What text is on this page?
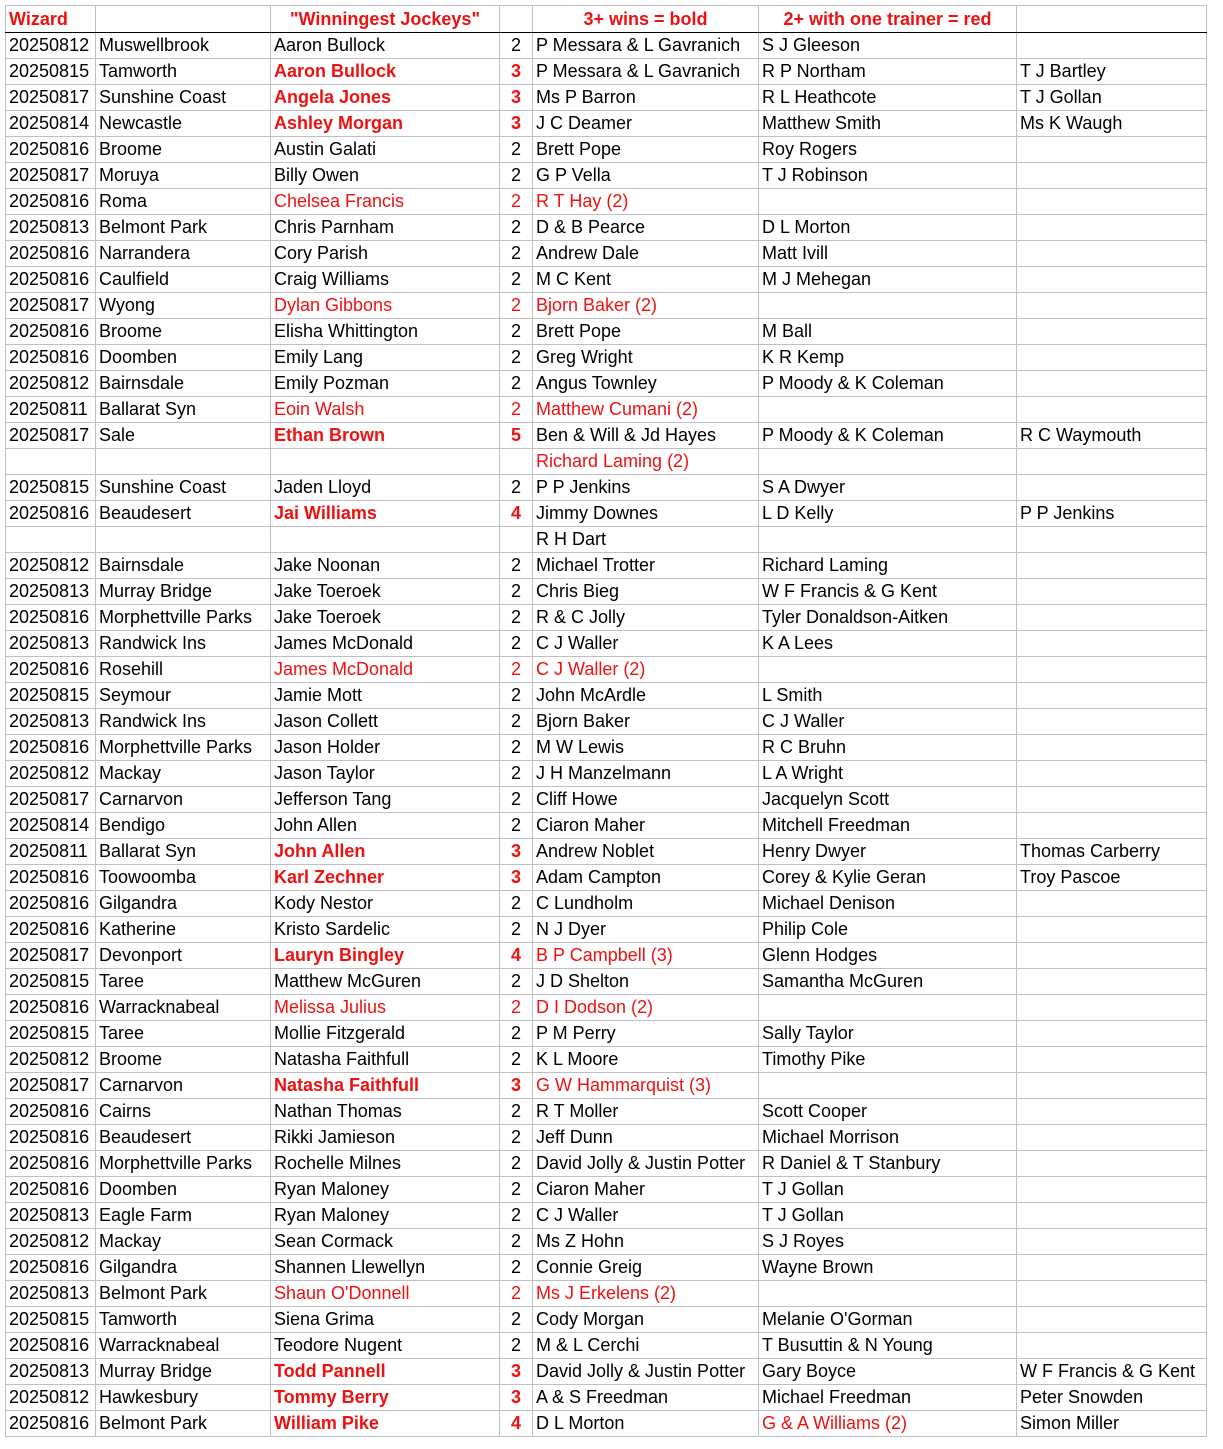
Wizard		"Winningest Jockeys"		3+ wins = bold	2+ with one trainer = red	
20250812	Muswellbrook	Aaron Bullock	2	P Messara & L Gavranich	S J Gleeson	
20250815	Tamworth	Aaron Bullock	3	P Messara & L Gavranich	R P Northam	T J Bartley
20250817	Sunshine Coast	Angela Jones	3	Ms P Barron	R L Heathcote	T J Gollan
20250814	Newcastle	Ashley Morgan	3	J C Deamer	Matthew Smith	Ms K Waugh
20250816	Broome	Austin Galati	2	Brett Pope	Roy Rogers	
20250817	Moruya	Billy Owen	2	G P Vella	T J Robinson	
20250816	Roma	Chelsea Francis	2	R T Hay (2)		
20250813	Belmont Park	Chris Parnham	2	D & B Pearce	D L Morton	
20250816	Narrandera	Cory Parish	2	Andrew Dale	Matt Ivill	
20250816	Caulfield	Craig Williams	2	M C Kent	M J Mehegan	
20250817	Wyong	Dylan Gibbons	2	Bjorn Baker (2)		
20250816	Broome	Elisha Whittington	2	Brett Pope	M Ball	
20250816	Doomben	Emily Lang	2	Greg Wright	K R Kemp	
20250812	Bairnsdale	Emily Pozman	2	Angus Townley	P Moody & K Coleman	
20250811	Ballarat Syn	Eoin Walsh	2	Matthew Cumani (2)		
20250817	Sale	Ethan Brown	5	Ben & Will & Jd Hayes	P Moody & K Coleman	R C Waymouth
				Richard Laming (2)		
20250815	Sunshine Coast	Jaden Lloyd	2	P P Jenkins	S A Dwyer	
20250816	Beaudesert	Jai Williams	4	Jimmy Downes	L D Kelly	P P Jenkins
				R H Dart		
20250812	Bairnsdale	Jake Noonan	2	Michael Trotter	Richard Laming	
20250813	Murray Bridge	Jake Toeroek	2	Chris Bieg	W F Francis & G Kent	
20250816	Morphettville Parks	Jake Toeroek	2	R & C Jolly	Tyler Donaldson-Aitken	
20250813	Randwick Ins	James McDonald	2	C J Waller	K A Lees	
20250816	Rosehill	James McDonald	2	C J Waller (2)		
20250815	Seymour	Jamie Mott	2	John McArdle	L Smith	
20250813	Randwick Ins	Jason Collett	2	Bjorn Baker	C J Waller	
20250816	Morphettville Parks	Jason Holder	2	M W Lewis	R C Bruhn	
20250812	Mackay	Jason Taylor	2	J H Manzelmann	L A Wright	
20250817	Carnarvon	Jefferson Tang	2	Cliff Howe	Jacquelyn Scott	
20250814	Bendigo	John Allen	2	Ciaron Maher	Mitchell Freedman	
20250811	Ballarat Syn	John Allen	3	Andrew Noblet	Henry Dwyer	Thomas Carberry
20250816	Toowoomba	Karl Zechner	3	Adam Campton	Corey & Kylie Geran	Troy Pascoe
20250816	Gilgandra	Kody Nestor	2	C Lundholm	Michael Denison	
20250816	Katherine	Kristo Sardelic	2	N J Dyer	Philip Cole	
20250817	Devonport	Lauryn Bingley	4	B P Campbell (3)	Glenn Hodges	
20250815	Taree	Matthew McGuren	2	J D Shelton	Samantha McGuren	
20250816	Warracknabeal	Melissa Julius	2	D I Dodson (2)		
20250815	Taree	Mollie Fitzgerald	2	P M Perry	Sally Taylor	
20250812	Broome	Natasha Faithfull	2	K L Moore	Timothy Pike	
20250817	Carnarvon	Natasha Faithfull	3	G W Hammarquist (3)		
20250816	Cairns	Nathan Thomas	2	R T Moller	Scott Cooper	
20250816	Beaudesert	Rikki Jamieson	2	Jeff Dunn	Michael Morrison	
20250816	Morphettville Parks	Rochelle Milnes	2	David Jolly & Justin Potter	R Daniel & T Stanbury	
20250816	Doomben	Ryan Maloney	2	Ciaron Maher	T J Gollan	
20250813	Eagle Farm	Ryan Maloney	2	C J Waller	T J Gollan	
20250812	Mackay	Sean Cormack	2	Ms Z Hohn	S J Royes	
20250816	Gilgandra	Shannen Llewellyn	2	Connie Greig	Wayne Brown	
20250813	Belmont Park	Shaun O'Donnell	2	Ms J Erkelens (2)		
20250815	Tamworth	Siena Grima	2	Cody Morgan	Melanie O'Gorman	
20250816	Warracknabeal	Teodore Nugent	2	M & L Cerchi	T Busuttin & N Young	
20250813	Murray Bridge	Todd Pannell	3	David Jolly & Justin Potter	Gary Boyce	W F Francis & G Kent
20250812	Hawkesbury	Tommy Berry	3	A & S Freedman	Michael Freedman	Peter Snowden
20250816	Belmont Park	William Pike	4	D L Morton	G & A Williams (2)	Simon Miller
